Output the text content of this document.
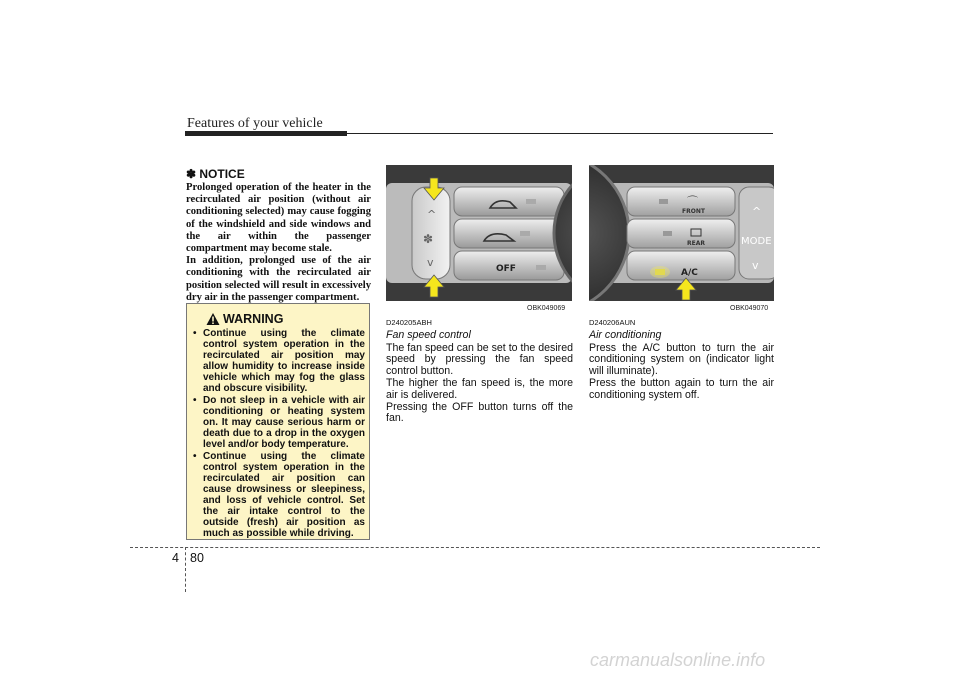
Features of your vehicle
✽ NOTICE

Prolonged operation of the heater in the recirculated air position (without air conditioning selected) may cause fogging of the windshield and side windows and the air within the passenger compartment may become stale.

In addition, prolonged use of the air conditioning with the recirculated air position selected will result in excessively dry air in the passenger compartment.

WARNING
• Continue using the climate control system operation in the recirculated air position may allow humidity to increase inside vehicle which may fog the glass and obscure visibility.
• Do not sleep in a vehicle with air conditioning or heating system on. It may cause serious harm or death due to a drop in the oxygen level and/or body temperature.
• Continue using the climate control system operation in the recirculated air position can cause drowsiness or sleepiness, and loss of vehicle control. Set the air intake control to the outside (fresh) air position as much as possible while driving.
^
✽
v	OFF
OBK049069
^
MODE
v
⌒
FRONT
REAR
A/C
OBK049070

D240205ABH

Fan speed control

The fan speed can be set to the desired speed by pressing the fan speed control button.

The higher the fan speed is, the more air is delivered.

Pressing the OFF button turns off the fan.

D240206AUN

Air conditioning

Press the A/C button to turn the air conditioning system on (indicator light will illuminate).

Press the button again to turn the air conditioning system off.

4 80
carmanualsonline.info
